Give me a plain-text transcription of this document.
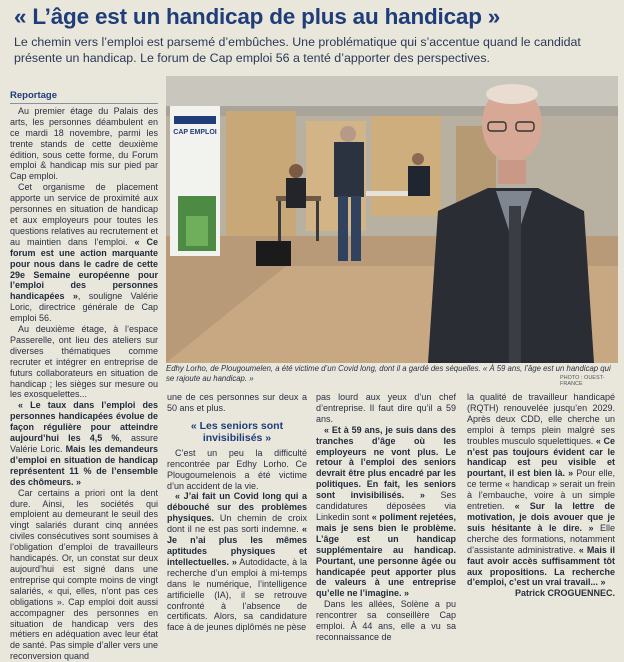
« L’âge est un handicap de plus au handicap »
Le chemin vers l’emploi est parsemé d’embûches. Une problématique qui s’accentue quand le candidat présente un handicap. Le forum de Cap emploi 56 a tenté d’apporter des perspectives.
Reportage

Au premier étage du Palais des arts, les personnes déambulent en ce mardi 18 novembre, parmi les trente stands de cette deuxième édition, sous cette forme, du Forum emploi & handicap mis sur pied par Cap emploi.

Cet organisme de placement apporte un service de proximité aux personnes en situation de handicap et aux employeurs pour toutes les questions relatives au recrutement et au maintien dans l’emploi. « Ce forum est une action marquante pour nous dans le cadre de cette 29e Semaine européenne pour l’emploi des personnes handicapées », souligne Valérie Loric, directrice générale de Cap emploi 56.

Au deuxième étage, à l’espace Passerelle, ont lieu des ateliers sur diverses thématiques comme recruter et intégrer en entreprise de futurs collaborateurs en situation de handicap ; les sièges sur mesure ou les exosquelettes...

« Le taux dans l’emploi des personnes handicapées évolue de façon régulière pour atteindre aujourd’hui les 4,5 %, assure Valérie Loric. Mais les demandeurs d’emploi en situation de handicap représentent 11 % de l’ensemble des chômeurs. »

Car certains a priori ont la dent dure. Ainsi, les sociétés qui emploient au demeurant le seuil des vingt salariés durant cinq années civiles consécutives sont soumises à l’obligation d’emploi de travailleurs handicapés. Or, un constat sur deux aujourd’hui est signé dans une entreprise qui compte moins de vingt salariés, « qui, elles, n’ont pas ces obligations ». Cap emploi doit aussi accompagner des personnes en situation de handicap vers des métiers en adéquation avec leur état de santé. Pas simple d’aller vers une reconversion quand

CAP EMPLOI
Edhy Lorho, de Plougoumelen, a été victime d’un Covid long, dont il a gardé des séquelles. « À 59 ans, l’âge est un handicap qui se rajoute au handicap. »	PHOTO : OUEST-FRANCE

une de ces personnes sur deux a 50 ans et plus.

« Les seniors sont invisibilisés »

C’est un peu la difficulté rencontrée par Edhy Lorho. Ce Plougoumelenois a été victime d’un accident de la vie.

« J’ai fait un Covid long qui a débouché sur des problèmes physiques. Un chemin de croix dont il ne est pas sorti indemne. « Je n’ai plus les mêmes aptitudes physiques et intellectuelles. » Autodidacte, à la recherche d’un emploi à mi-temps dans le numérique, l’intelligence artificielle (IA), il se retrouve confronté à l’absence de certificats. Alors, sa candidature face à de jeunes diplômés ne pèse

pas lourd aux yeux d’un chef d’entreprise. Il faut dire qu’il a 59 ans.

« Et à 59 ans, je suis dans des tranches d’âge où les employeurs ne vont plus. Le retour à l’emploi des seniors devrait être plus encadré par les politiques. En fait, les seniors sont invisibilisés. » Ses candidatures déposées via Linkedin sont « poliment rejetées, mais je sens bien le problème. L’âge est un handicap supplémentaire au handicap. Pourtant, une personne âgée ou handicapée peut apporter plus de valeurs à une entreprise qu’elle ne l’imagine. »

Dans les allées, Solène a pu rencontrer sa conseillère Cap emploi. À 44 ans, elle a vu sa reconnaissance de

la qualité de travailleur handicapé (RQTH) renouvelée jusqu’en 2029. Après deux CDD, elle cherche un emploi à temps plein malgré ses troubles musculo squelettiques. « Ce n’est pas toujours évident car le handicap est peu visible et pourtant, il est bien là. » Pour elle, ce terme « handicap » serait un frein à l’embauche, voire à un simple entretien. « Sur la lettre de motivation, je dois avouer que je suis hésitante à le dire. » Elle cherche des formations, notamment d’assistante administrative. « Mais il faut avoir accès suffisamment tôt aux propositions. La recherche d’emploi, c’est un vrai travail... »

Patrick CROGUENNEC.
